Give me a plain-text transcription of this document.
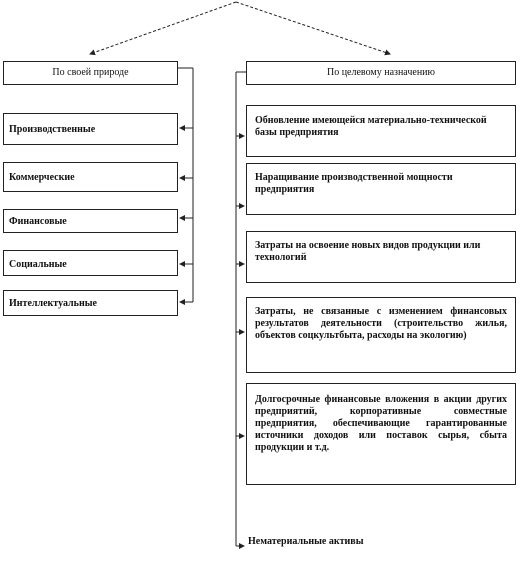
По своей природе
Производственные
Коммерческие
Финансовые
Социальные
Интеллектуальные
По целевому назначению
Обновление имеющейся материально-технической базы предприятия
Наращивание производственной мощности предприятия
Затраты на освоение новых видов продукции или технологий
Затраты, не связанные с изменением финансовых результатов деятельности (строительство жилья, объектов соцкультбыта, расходы на экологию)
Долгосрочные финансовые вложения в акции других предприятий, корпоративные совместные предприятия, обеспечивающие гарантированные источники доходов или поставок сырья, сбыта продукции и т.д.
Нематериальные активы
